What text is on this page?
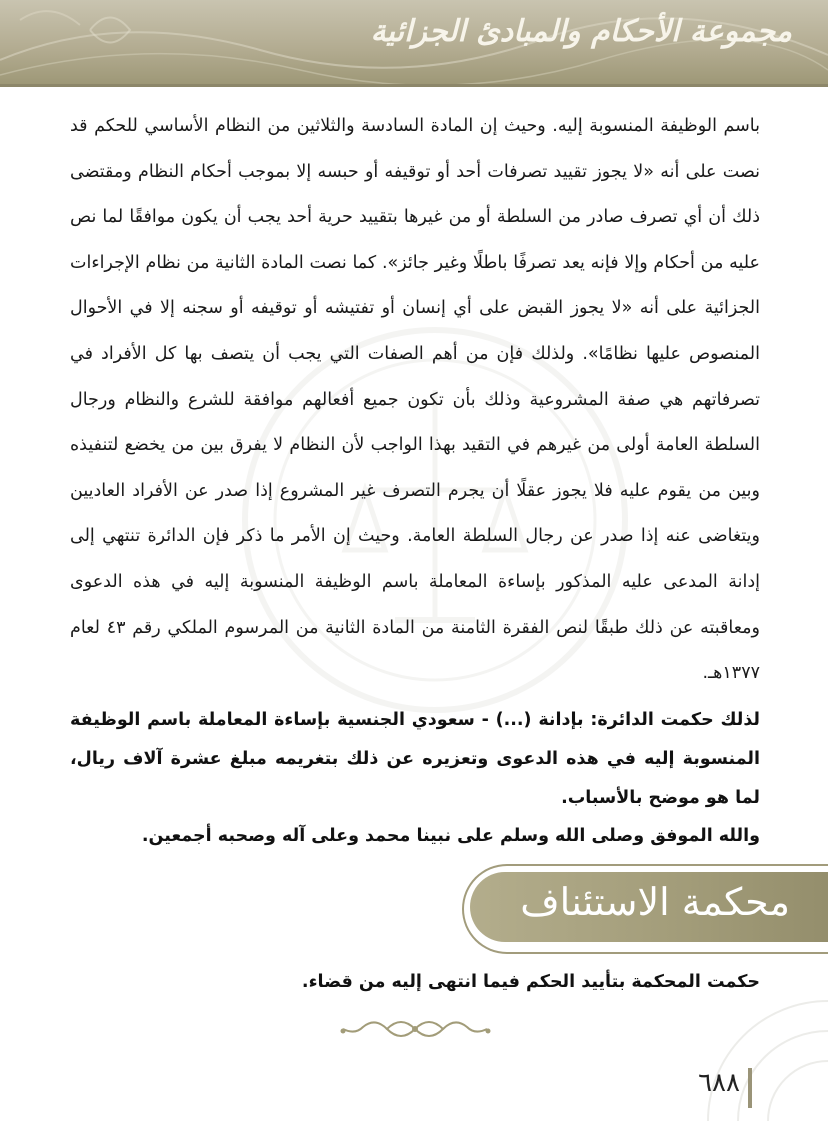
مجموعة الأحكام والمبادئ الجزائية

باسم الوظيفة المنسوبة إليه. وحيث إن المادة السادسة والثلاثين من النظام الأساسي للحكم قد نصت على أنه «لا يجوز تقييد تصرفات أحد أو توقيفه أو حبسه إلا بموجب أحكام النظام ومقتضى ذلك أن أي تصرف صادر من السلطة أو من غيرها بتقييد حرية أحد يجب أن يكون موافقًا لما نص عليه من أحكام وإلا فإنه يعد تصرفًا باطلًا وغير جائز». كما نصت المادة الثانية من نظام الإجراءات الجزائية على أنه «لا يجوز القبض على أي إنسان أو تفتيشه أو توقيفه أو سجنه إلا في الأحوال المنصوص عليها نظامًا». ولذلك فإن من أهم الصفات التي يجب أن يتصف بها كل الأفراد في تصرفاتهم هي صفة المشروعية وذلك بأن تكون جميع أفعالهم موافقة للشرع والنظام ورجال السلطة العامة أولى من غيرهم في التقيد بهذا الواجب لأن النظام لا يفرق بين من يخضع لتنفيذه وبين من يقوم عليه فلا يجوز عقلًا أن يجرم التصرف غير المشروع إذا صدر عن الأفراد العاديين ويتغاضى عنه إذا صدر عن رجال السلطة العامة. وحيث إن الأمر ما ذكر فإن الدائرة تنتهي إلى إدانة المدعى عليه المذكور بإساءة المعاملة باسم الوظيفة المنسوبة إليه في هذه الدعوى ومعاقبته عن ذلك طبقًا لنص الفقرة الثامنة من المادة الثانية من المرسوم الملكي رقم ٤٣ لعام ١٣٧٧هـ.

لذلك حكمت الدائرة: بإدانة (...) - سعودي الجنسية بإساءة المعاملة باسم الوظيفة المنسوبة إليه في هذه الدعوى وتعزيره عن ذلك بتغريمه مبلغ عشرة آلاف ريال، لما هو موضح بالأسباب.

والله الموفق وصلى الله وسلم على نبينا محمد وعلى آله وصحبه أجمعين.

محكمة الاستئناف
حكمت المحكمة بتأييد الحكم فيما انتهى إليه من قضاء.
٦٨٨
